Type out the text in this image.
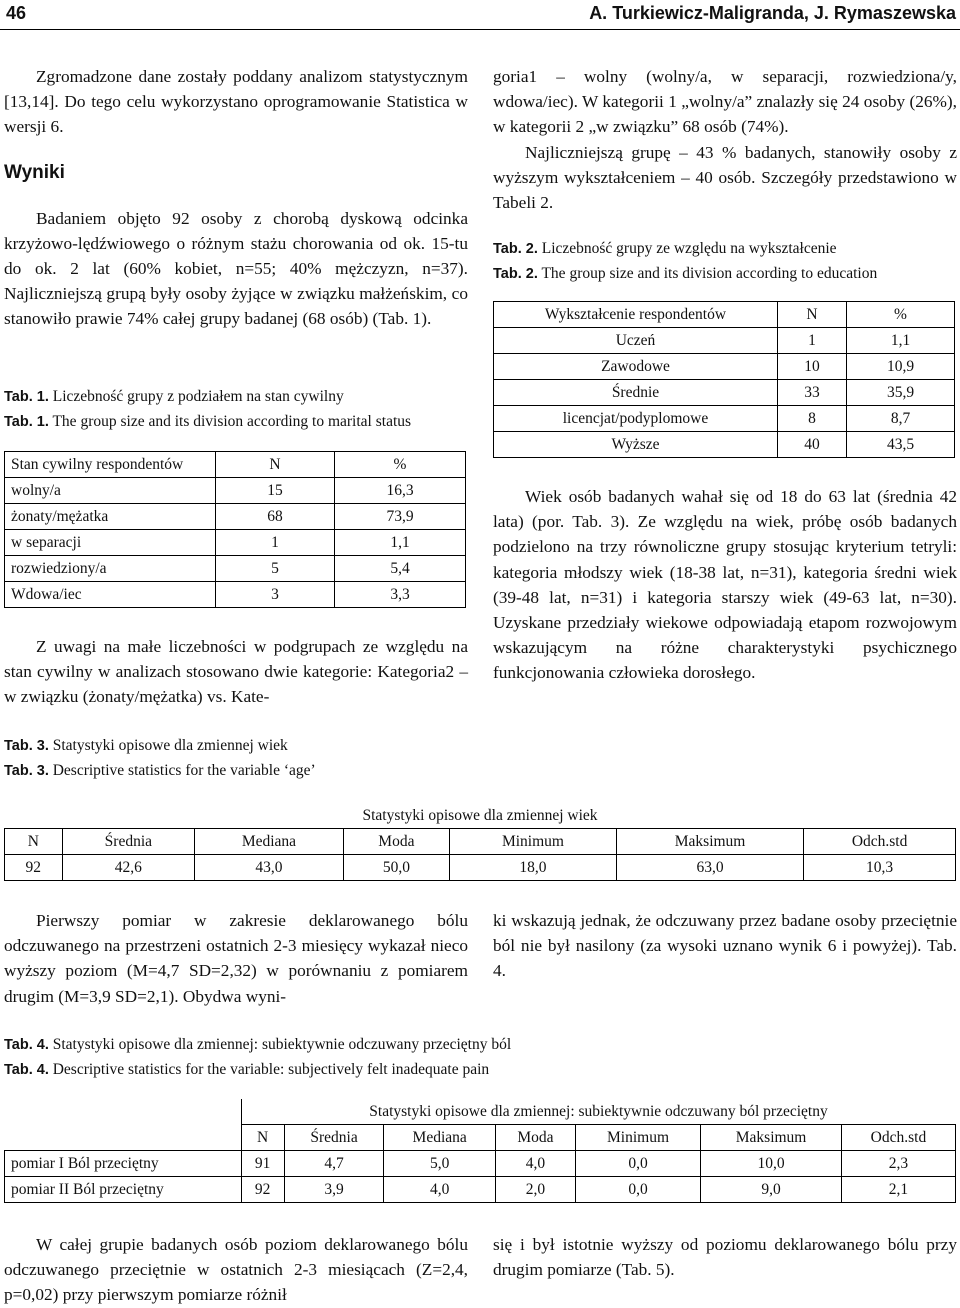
46	A. Turkiewicz-Maligranda, J. Rymaszewska

Zgromadzone dane zostały poddany analizom statystycznym [13,14]. Do tego celu wykorzystano oprogramowanie Statistica w wersji 6.

Wyniki

Badaniem objęto 92 osoby z chorobą dyskową odcinka krzyżowo-lędźwiowego o różnym stażu chorowania od ok. 15-tu do ok. 2 lat (60% kobiet, n=55; 40% mężczyzn, n=37). Najliczniejszą grupą były osoby żyjące w związku małżeńskim, co stanowiło prawie 74% całej grupy badanej (68 osób) (Tab. 1).

Tab. 1. Liczebność grupy z podziałem na stan cywilny
Tab. 1. The group size and its division according to marital status
Stan cywilny respondentów	N	%
wolny/a	15	16,3
żonaty/mężatka	68	73,9
w separacji	1	1,1
rozwiedziony/a	5	5,4
Wdowa/iec	3	3,3

Z uwagi na małe liczebności w podgrupach ze względu na stan cywilny w analizach stosowano dwie kategorie: Kategoria2 – w związku (żonaty/mężatka) vs. Kate-

goria1 – wolny (wolny/a, w separacji, rozwiedziona/y, wdowa/iec). W kategorii 1 „wolny/a” znalazły się 24 osoby (26%), w kategorii 2 „w związku” 68 osób (74%).

Najliczniejszą grupę – 43 % badanych, stanowiły osoby z wyższym wykształceniem – 40 osób. Szczegóły przedstawiono w Tabeli 2.

Tab. 2. Liczebność grupy ze względu na wykształcenie
Tab. 2. The group size and its division according to education
Wykształcenie respondentów	N	%
Uczeń	1	1,1
Zawodowe	10	10,9
Średnie	33	35,9
licencjat/podyplomowe	8	8,7
Wyższe	40	43,5

Wiek osób badanych wahał się od 18 do 63 lat (średnia 42 lata) (por. Tab. 3). Ze względu na wiek, próbę osób badanych podzielono na trzy równoliczne grupy stosując kryterium tetryli: kategoria młodszy wiek (18-38 lat, n=31), kategoria średni wiek (39-48 lat, n=31) i kategoria starszy wiek (49-63 lat, n=30). Uzyskane przedziały wiekowe odpowiadają etapom rozwojowym wskazującym na różne charakterystyki psychicznego funkcjonowania człowieka dorosłego.

Tab. 3. Statystyki opisowe dla zmiennej wiek
Tab. 3. Descriptive statistics for the variable ‘age’
Statystyki opisowe dla zmiennej wiek						
N	Średnia	Mediana	Moda	Minimum	Maksimum	Odch.std
92	42,6	43,0	50,0	18,0	63,0	10,3

Pierwszy pomiar w zakresie deklarowanego bólu odczuwanego na przestrzeni ostatnich 2-3 miesięcy wykazał nieco wyższy poziom (M=4,7 SD=2,32) w porównaniu z pomiarem drugim (M=3,9 SD=2,1). Obydwa wyni-

ki wskazują jednak, że odczuwany przez badane osoby przeciętnie ból nie był nasilony (za wysoki uznano wynik 6 i powyżej). Tab. 4.

Tab. 4. Statystyki opisowe dla zmiennej: subiektywnie odczuwany przeciętny ból
Tab. 4. Descriptive statistics for the variable: subjectively felt inadequate pain
	Statystyki opisowe dla zmiennej: subiektywnie odczuwany ból przeciętny						
	N	Średnia	Mediana	Moda	Minimum	Maksimum	Odch.std
pomiar I Ból przeciętny	91	4,7	5,0	4,0	0,0	10,0	2,3
pomiar II Ból przeciętny	92	3,9	4,0	2,0	0,0	9,0	2,1

W całej grupie badanych osób poziom deklarowanego bólu odczuwanego przeciętnie w ostatnich 2-3 miesiącach (Z=2,4, p=0,02) przy pierwszym pomiarze różnił

się i był istotnie wyższy od poziomu deklarowanego bólu przy drugim pomiarze (Tab. 5).
